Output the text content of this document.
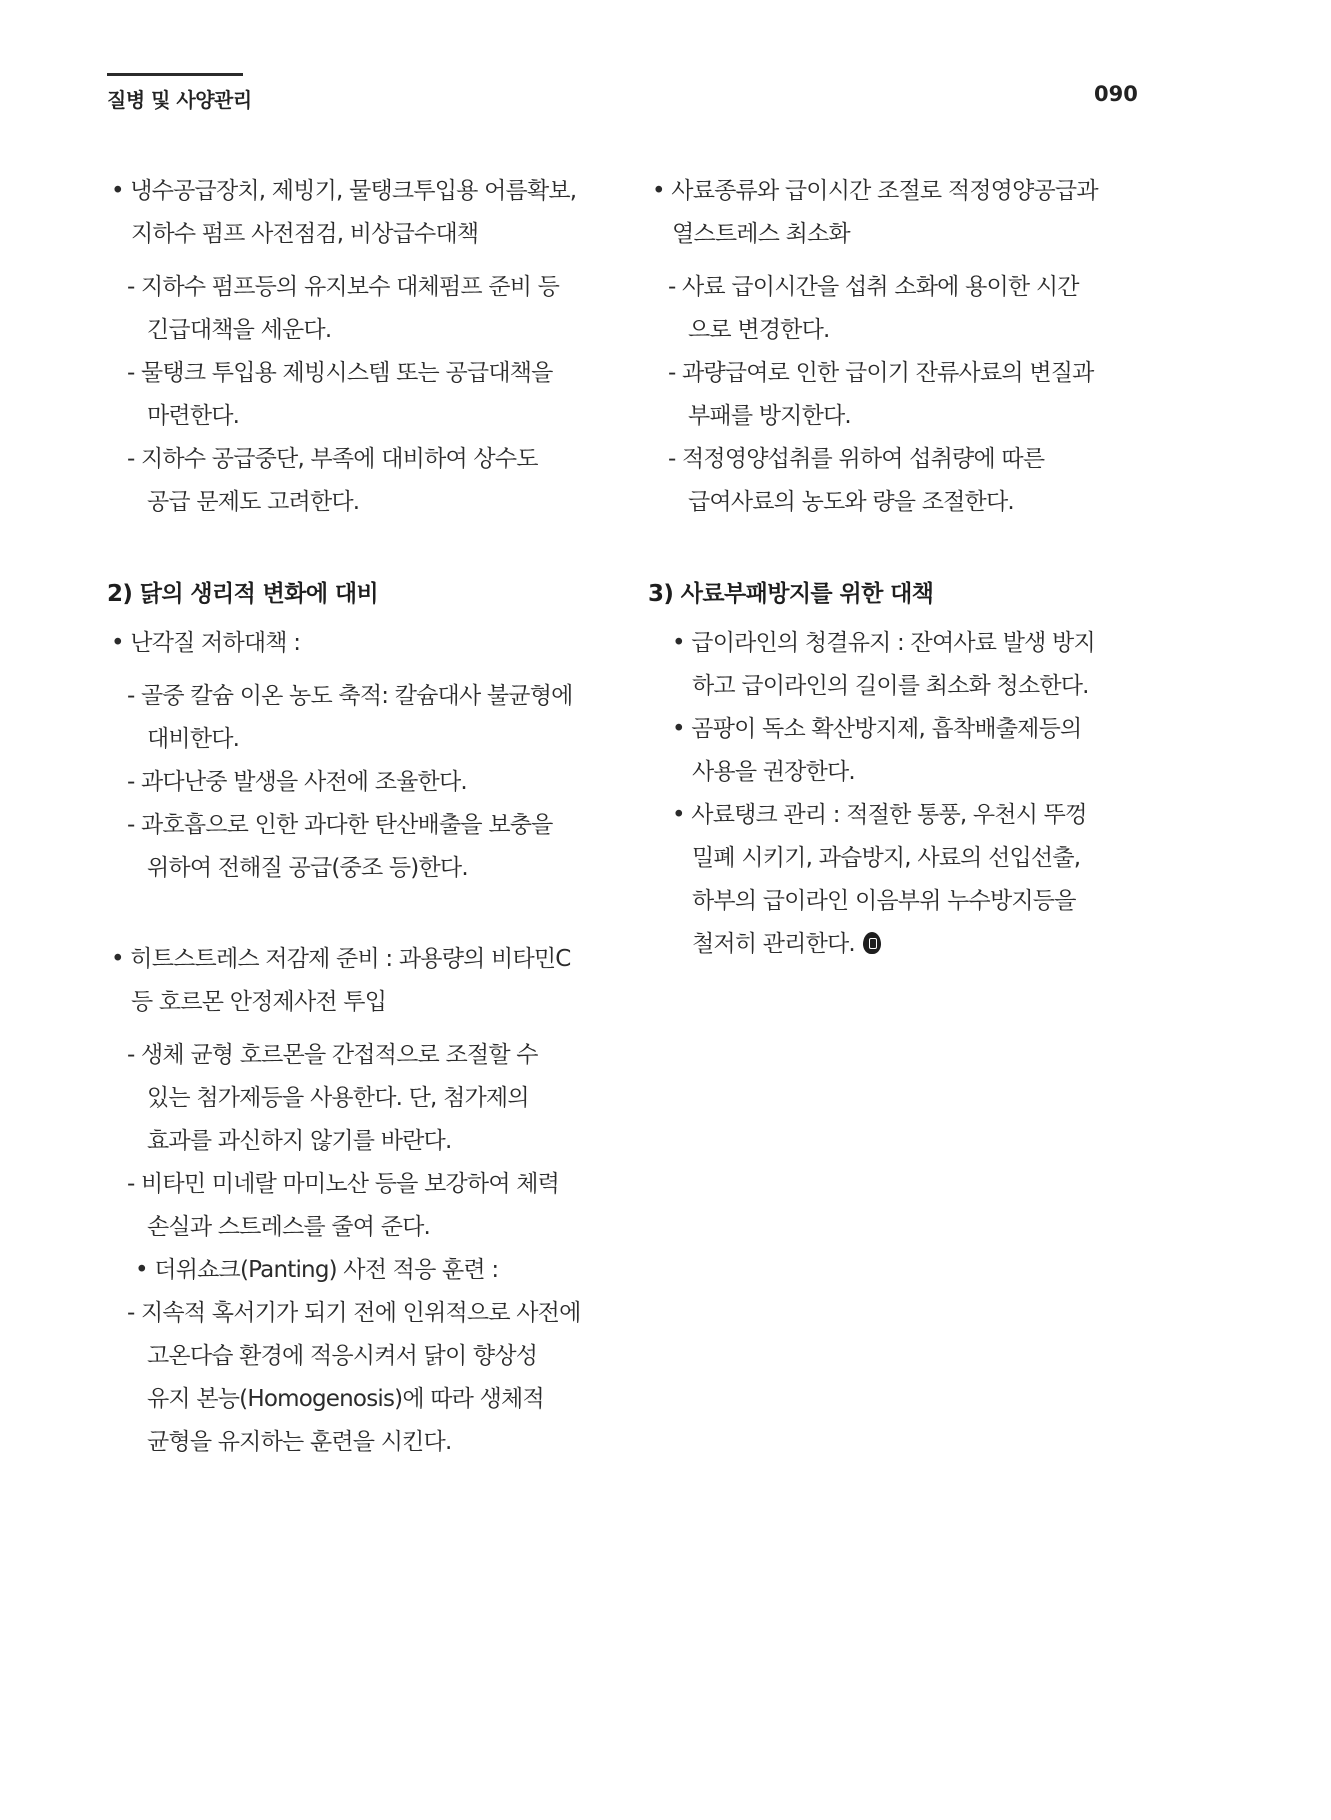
질병 및 사양관리	090
• 냉수공급장치, 제빙기, 물탱크투입용 어름확보,
지하수 펌프 사전점검, 비상급수대책
- 지하수 펌프등의 유지보수 대체펌프 준비 등
긴급대책을 세운다.
- 물탱크 투입용 제빙시스템 또는 공급대책을
마련한다.
- 지하수 공급중단, 부족에 대비하여 상수도
공급 문제도 고려한다.
2) 닭의 생리적 변화에 대비
• 난각질 저하대책 :
- 골중 칼슘 이온 농도 축적: 칼슘대사 불균형에
대비한다.
- 과다난중 발생을 사전에 조율한다.
- 과호흡으로 인한 과다한 탄산배출을 보충을
위하여 전해질 공급(중조 등)한다.
• 히트스트레스 저감제 준비 : 과용량의 비타민C
등 호르몬 안정제사전 투입
- 생체 균형 호르몬을 간접적으로 조절할 수
있는 첨가제등을 사용한다. 단, 첨가제의
효과를 과신하지 않기를 바란다.
- 비타민 미네랄 마미노산 등을 보강하여 체력
손실과 스트레스를 줄여 준다.
• 더위쇼크(Panting) 사전 적응 훈련 :
- 지속적 혹서기가 되기 전에 인위적으로 사전에
고온다습 환경에 적응시켜서 닭이 향상성
유지 본능(Homogenosis)에 따라 생체적
균형을 유지하는 훈련을 시킨다.
• 사료종류와 급이시간 조절로 적정영양공급과
열스트레스 최소화
- 사료 급이시간을 섭취 소화에 용이한 시간
으로 변경한다.
- 과량급여로 인한 급이기 잔류사료의 변질과
부패를 방지한다.
- 적정영양섭취를 위하여 섭취량에 따른
급여사료의 농도와 량을 조절한다.
3) 사료부패방지를 위한 대책
• 급이라인의 청결유지 : 잔여사료 발생 방지
하고 급이라인의 길이를 최소화 청소한다.
• 곰팡이 독소 확산방지제, 흡착배출제등의
사용을 권장한다.
• 사료탱크 관리 : 적절한 통풍, 우천시 뚜껑
밀폐 시키기, 과습방지, 사료의 선입선출,
하부의 급이라인 이음부위 누수방지등을
철저히 관리한다.
